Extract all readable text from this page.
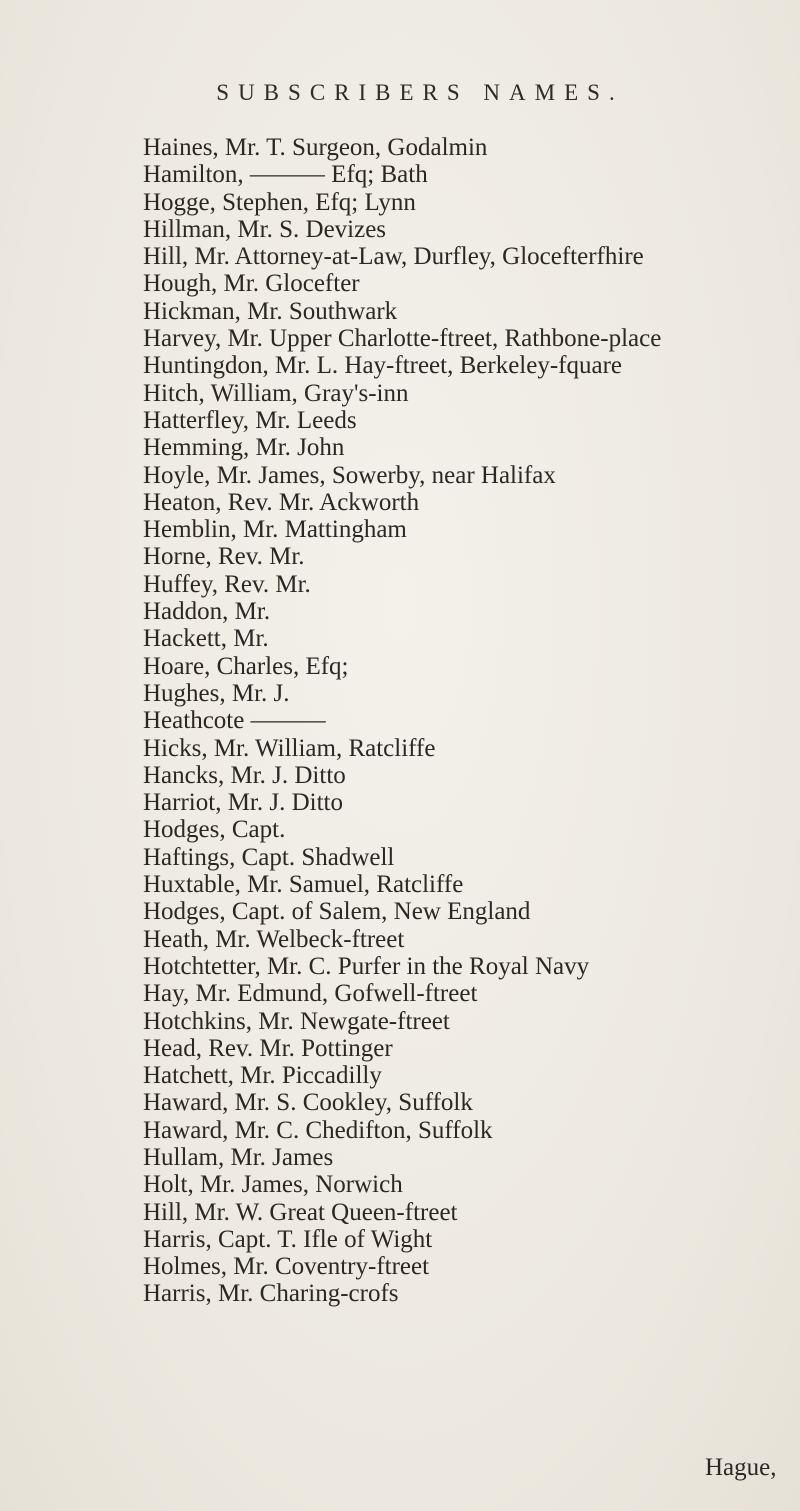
SUBSCRIBERS NAMES.
Haines, Mr. T. Surgeon, Godalmin
Hamilton, ——— Efq; Bath
Hogge, Stephen, Efq; Lynn
Hillman, Mr. S. Devizes
Hill, Mr. Attorney-at-Law, Durfley, Glocefterfhire
Hough, Mr. Glocefter
Hickman, Mr. Southwark
Harvey, Mr. Upper Charlotte-ftreet, Rathbone-place
Huntingdon, Mr. L. Hay-ftreet, Berkeley-fquare
Hitch, William, Gray's-inn
Hatterfley, Mr. Leeds
Hemming, Mr. John
Hoyle, Mr. James, Sowerby, near Halifax
Heaton, Rev. Mr. Ackworth
Hemblin, Mr. Mattingham
Horne, Rev. Mr.
Huffey, Rev. Mr.
Haddon, Mr.
Hackett, Mr.
Hoare, Charles, Efq;
Hughes, Mr. J.
Heathcote ———
Hicks, Mr. William, Ratcliffe
Hancks, Mr. J. Ditto
Harriot, Mr. J. Ditto
Hodges, Capt.
Haftings, Capt. Shadwell
Huxtable, Mr. Samuel, Ratcliffe
Hodges, Capt. of Salem, New England
Heath, Mr. Welbeck-ftreet
Hotchtetter, Mr. C. Purfer in the Royal Navy
Hay, Mr. Edmund, Gofwell-ftreet
Hotchkins, Mr. Newgate-ftreet
Head, Rev. Mr. Pottinger
Hatchett, Mr. Piccadilly
Haward, Mr. S. Cookley, Suffolk
Haward, Mr. C. Chedifton, Suffolk
Hullam, Mr. James
Holt, Mr. James, Norwich
Hill, Mr. W. Great Queen-ftreet
Harris, Capt. T. Ifle of Wight
Holmes, Mr. Coventry-ftreet
Harris, Mr. Charing-crofs
Hague,
